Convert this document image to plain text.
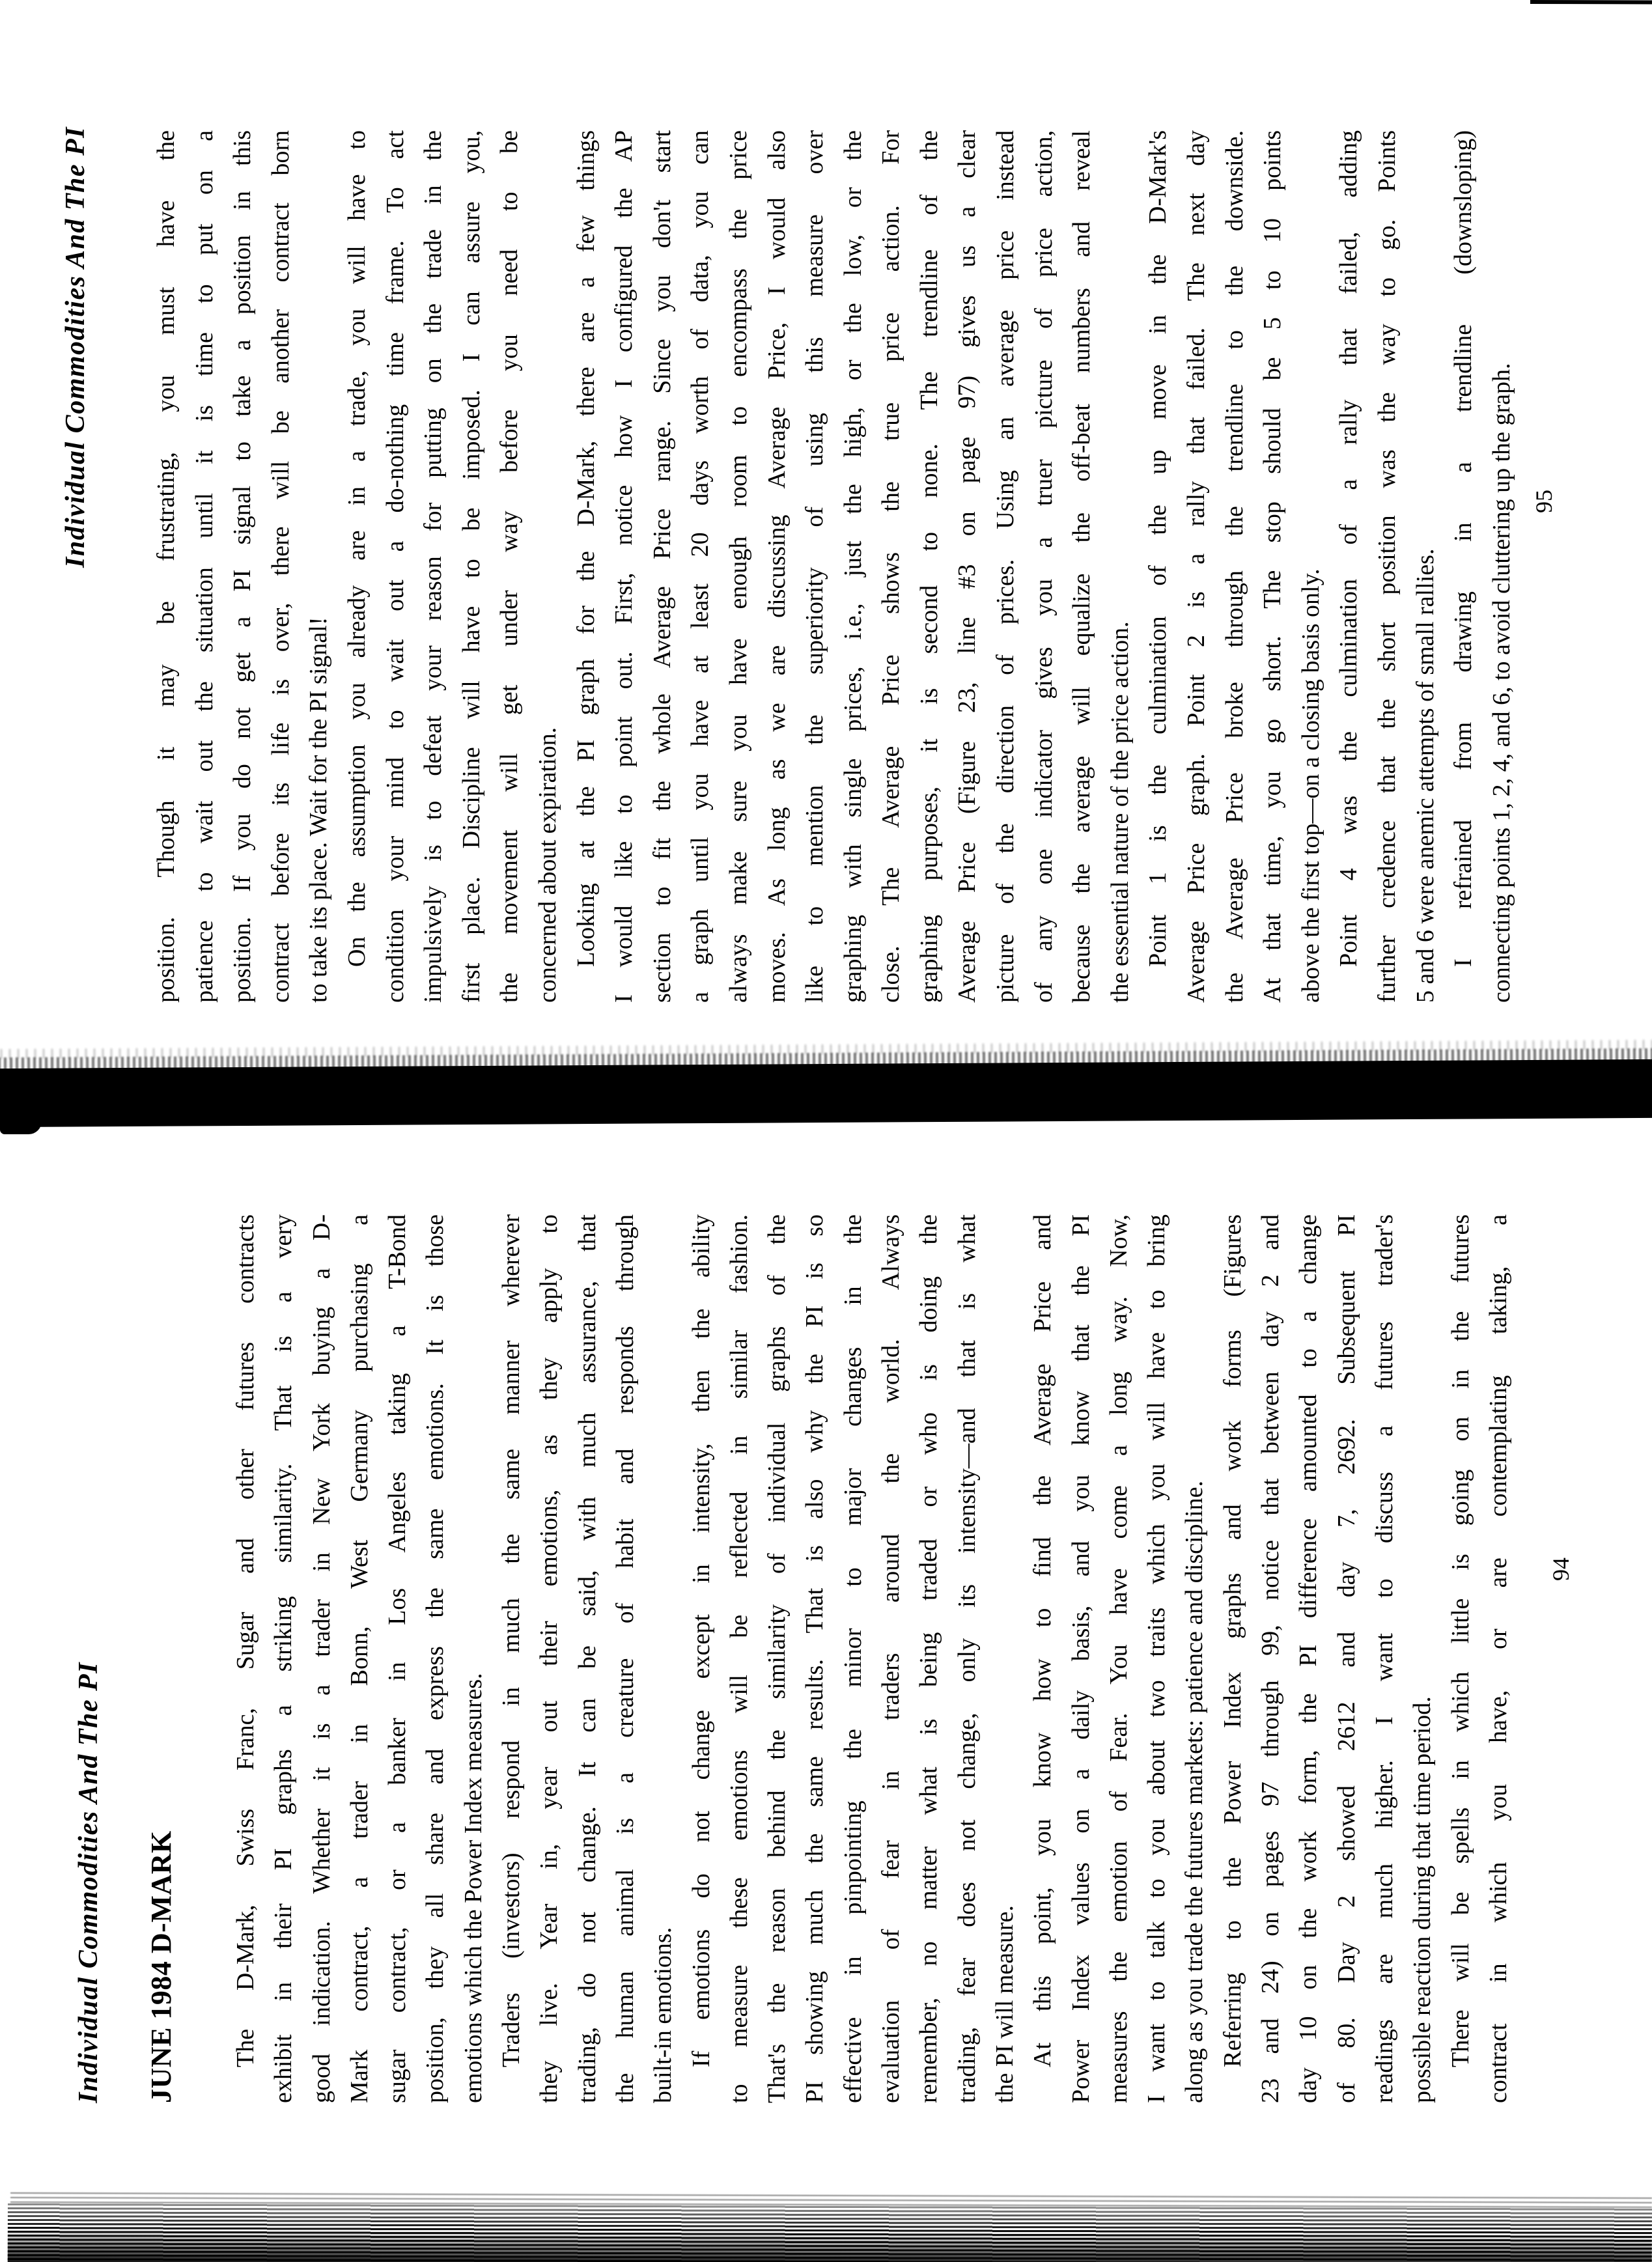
Individual Commodities And The PI	position. Though it may be frustrating, you must have the patience to wait out the situation until it is time to put on a position. If you do not get a PI signal to take a position in this contract before its life is over, there will be another contract born to take its place. Wait for the PI signal! On the assumption you already are in a trade, you will have to condition your mind to wait out a do-nothing time frame. To act impulsively is to defeat your reason for putting on the trade in the first place. Discipline will have to be imposed. I can assure you, the movement will get under way before you need to be concerned about expiration. Looking at the PI graph for the D-Mark, there are a few things I would like to point out. First, notice how I configured the AP section to fit the whole Average Price range. Since you don't start a graph until you have at least 20 days worth of data, you can always make sure you have enough room to encompass the price moves. As long as we are discussing Average Price, I would also like to mention the superiority of using this measure over graphing with single prices, i.e., just the high, or the low, or the close. The Average Price shows the true price action. For graphing purposes, it is second to none. The trendline of the Average Price (Figure 23, line #3 on page 97) gives us a clear picture of the direction of prices. Using an average price instead of any one indicator gives you a truer picture of price action, because the average will equalize the off-beat numbers and reveal the essential nature of the price action. Point 1 is the culmination of the up move in the D-Mark's Average Price graph. Point 2 is a rally that failed. The next day the Average Price broke through the trendline to the downside. At that time, you go short. The stop should be 5 to 10 points above the first top—on a closing basis only. Point 4 was the culmination of a rally that failed, adding further credence that the short position was the way to go. Points 5 and 6 were anemic attempts of small rallies. I refrained from drawing in a trendline (downsloping) connecting points 1, 2, 4, and 6, to avoid cluttering up the graph. 95
Individual Commodities And The PI JUNE 1984 D-MARK The D-Mark, Swiss Franc, Sugar and other futures contracts exhibit in their PI graphs a striking similarity. That is a very good indication. Whether it is a trader in New York buying a D- Mark contract, a trader in Bonn, West Germany purchasing a sugar contract, or a banker in Los Angeles taking a T-Bond position, they all share and express the same emotions. It is those emotions which the Power Index measures. Traders (investors) respond in much the same manner wherever they live. Year in, year out their emotions, as they apply to trading, do not change. It can be said, with much assurance, that the human animal is a creature of habit and responds through built-in emotions. If emotions do not change except in intensity, then the ability to measure these emotions will be reflected in similar fashion. That's the reason behind the similarity of individual graphs of the PI showing much the same results. That is also why the PI is so effective in pinpointing the minor to major changes in the evaluation of fear in traders around the world. Always remember, no matter what is being traded or who is doing the trading, fear does not change, only its intensity—and that is what the PI will measure. At this point, you know how to find the Average Price and Power Index values on a daily basis, and you know that the PI measures the emotion of Fear. You have come a long way. Now, I want to talk to you about two traits which you will have to bring along as you trade the futures markets: patience and discipline. Referring to the Power Index graphs and work forms (Figures 23 and 24) on pages 97 through 99, notice that between day 2 and day 10 on the work form, the PI difference amounted to a change of 80. Day 2 showed 2612 and day 7, 2692. Subsequent PI readings are much higher. I want to discuss a futures trader's possible reaction during that time period. There will be spells in which little is going on in the futures contract in which you have, or are contemplating taking, a 94
